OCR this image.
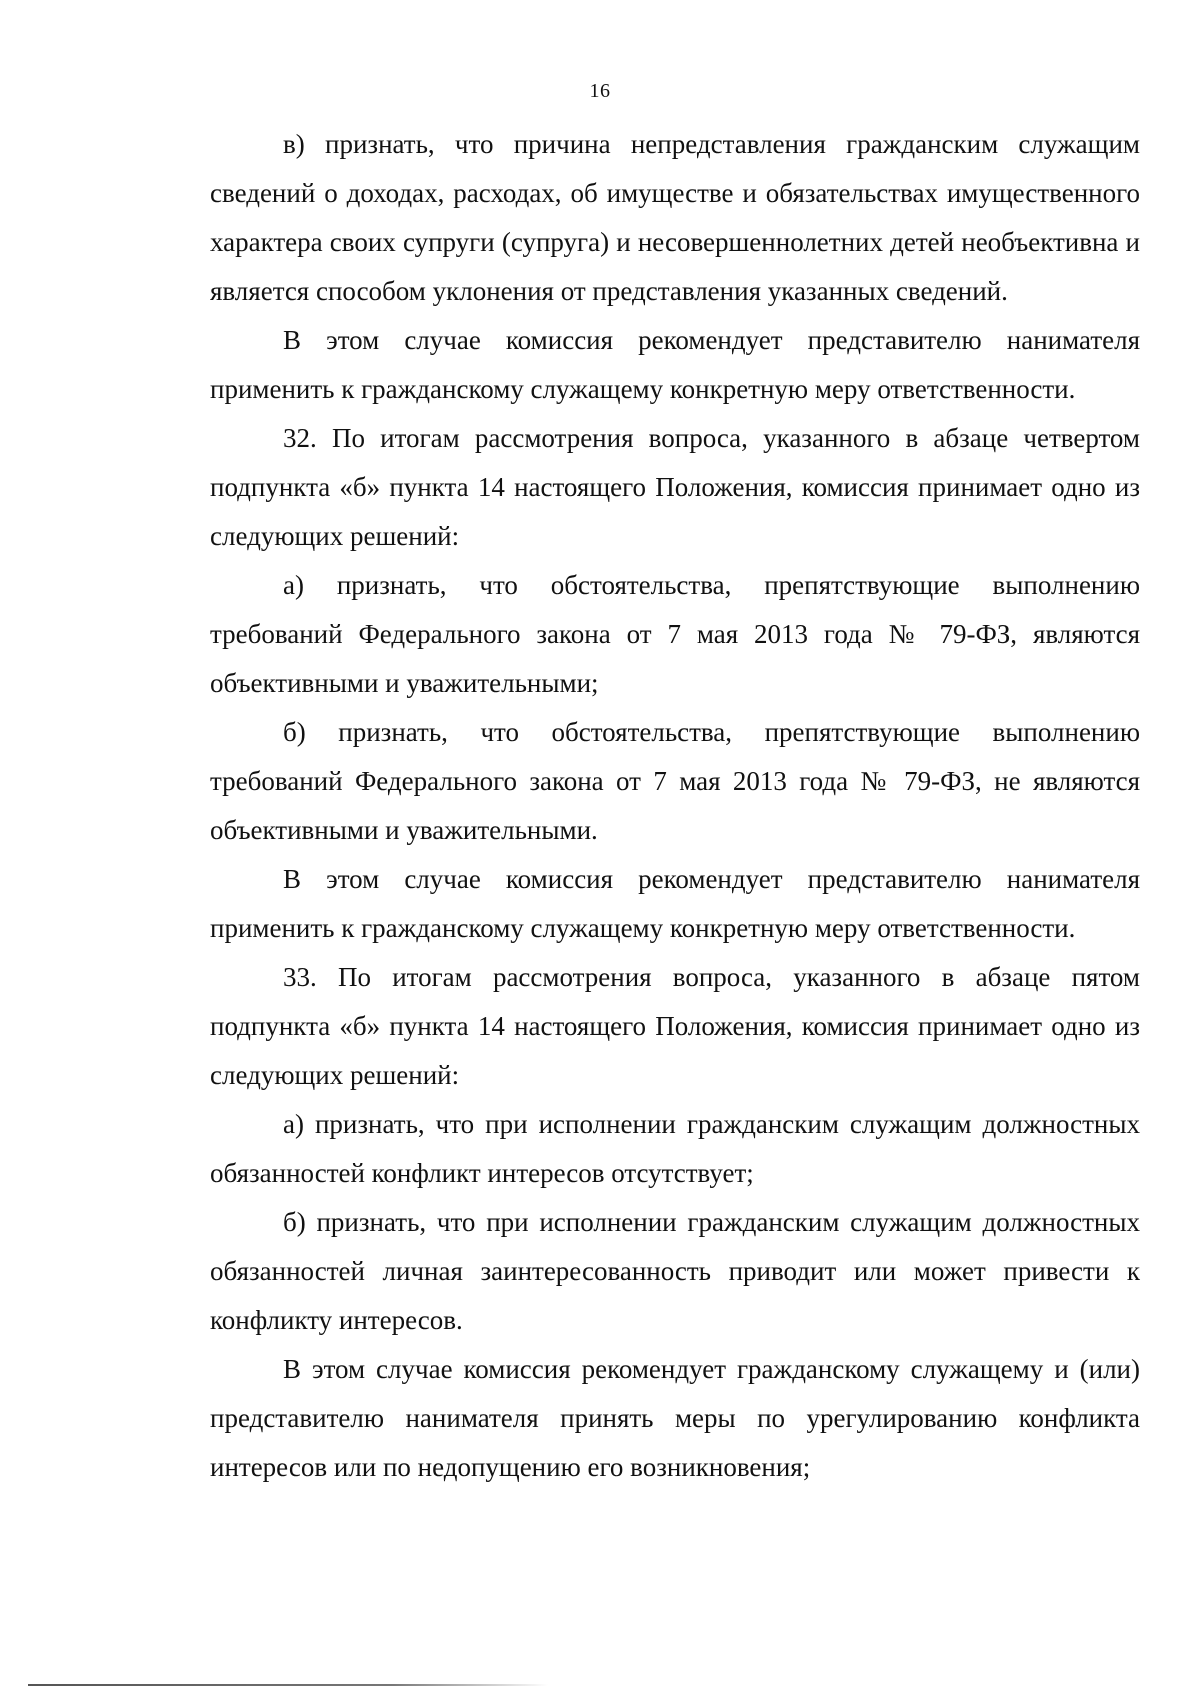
16

в) признать, что причина непредставления гражданским служащим сведений о доходах, расходах, об имуществе и обязательствах имущественного характера своих супруги (супруга) и несовершеннолетних детей необъективна и является способом уклонения от представления указанных сведений.

В этом случае комиссия рекомендует представителю нанимателя применить к гражданскому служащему конкретную меру ответственности.

32. По итогам рассмотрения вопроса, указанного в абзаце четвертом подпункта «б» пункта 14 настоящего Положения, комиссия принимает одно из следующих решений:

а) признать, что обстоятельства, препятствующие выполнению требований Федерального закона от 7 мая 2013 года № 79-ФЗ, являются объективными и уважительными;

б) признать, что обстоятельства, препятствующие выполнению требований Федерального закона от 7 мая 2013 года № 79-ФЗ, не являются объективными и уважительными.

В этом случае комиссия рекомендует представителю нанимателя применить к гражданскому служащему конкретную меру ответственности.

33. По итогам рассмотрения вопроса, указанного в абзаце пятом подпункта «б» пункта 14 настоящего Положения, комиссия принимает одно из следующих решений:

а) признать, что при исполнении гражданским служащим должностных обязанностей конфликт интересов отсутствует;

б) признать, что при исполнении гражданским служащим должностных обязанностей личная заинтересованность приводит или может привести к конфликту интересов.

В этом случае комиссия рекомендует гражданскому служащему и (или) представителю нанимателя принять меры по урегулированию конфликта интересов или по недопущению его возникновения;
